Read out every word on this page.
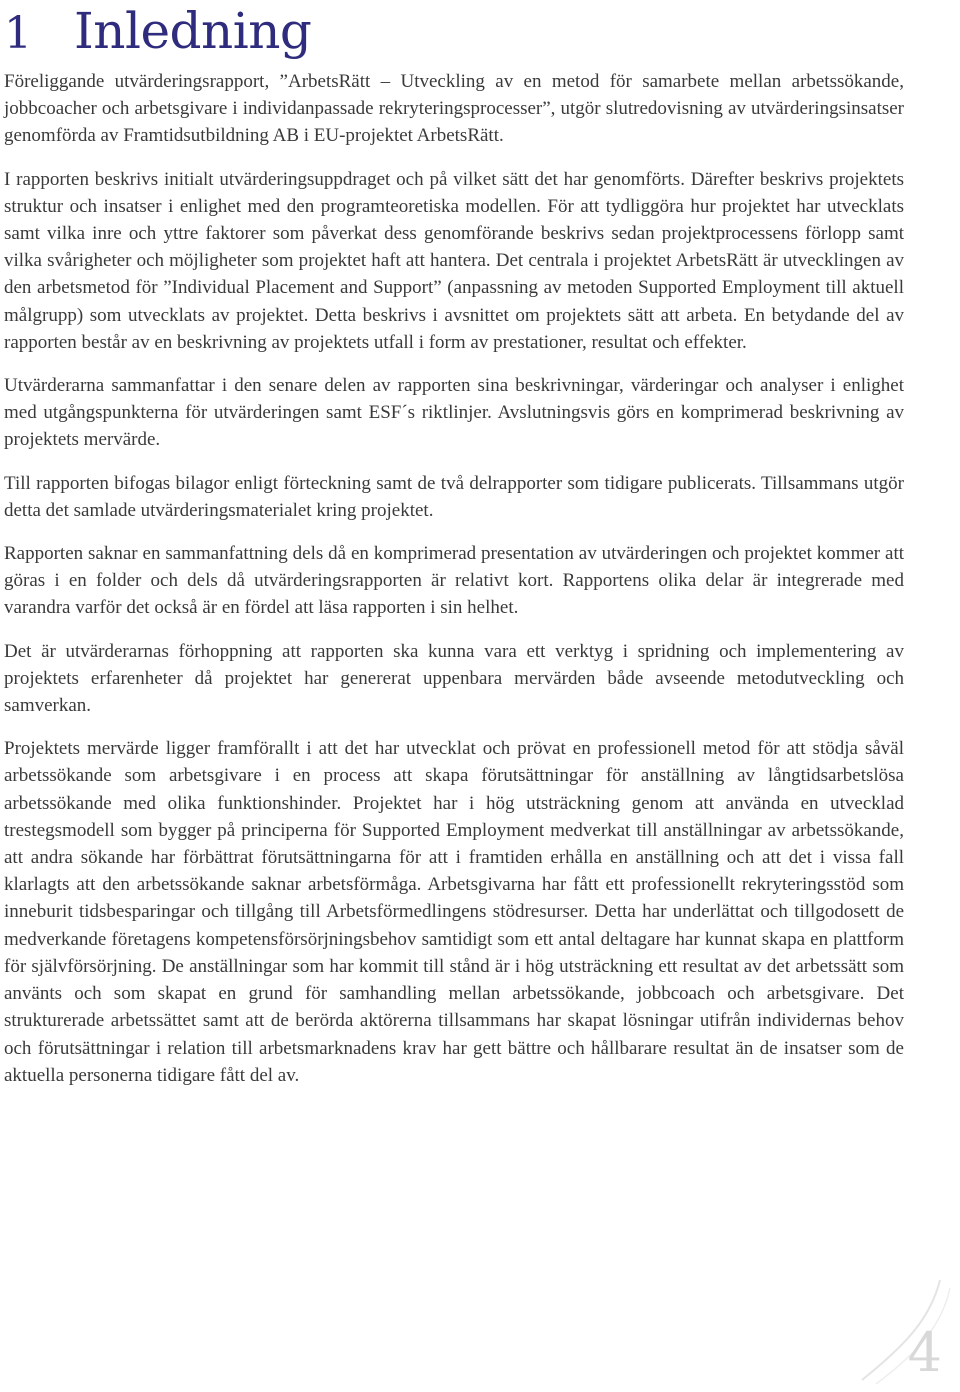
1 Inledning

Föreliggande utvärderingsrapport, ”ArbetsRätt – Utveckling av en metod för samarbete mellan arbetssökande, jobbcoacher och arbetsgivare i individanpassade rekryteringsprocesser”, utgör slutredovisning av utvärderingsinsatser genomförda av Framtidsutbildning AB i EU-projektet ArbetsRätt.

I rapporten beskrivs initialt utvärderingsuppdraget och på vilket sätt det har genomförts. Därefter beskrivs projektets struktur och insatser i enlighet med den programteoretiska modellen. För att tydliggöra hur projektet har utvecklats samt vilka inre och yttre faktorer som påverkat dess genomförande beskrivs sedan projektprocessens förlopp samt vilka svårigheter och möjligheter som projektet haft att hantera. Det centrala i projektet ArbetsRätt är utvecklingen av den arbetsmetod för ”Individual Placement and Support” (anpassning av metoden Supported Employment till aktuell målgrupp) som utvecklats av projektet. Detta beskrivs i avsnittet om projektets sätt att arbeta. En betydande del av rapporten består av en beskrivning av projektets utfall i form av prestationer, resultat och effekter.

Utvärderarna sammanfattar i den senare delen av rapporten sina beskrivningar, värderingar och analyser i enlighet med utgångspunkterna för utvärderingen samt ESF´s riktlinjer. Avslutningsvis görs en komprimerad beskrivning av projektets mervärde.

Till rapporten bifogas bilagor enligt förteckning samt de två delrapporter som tidigare publicerats. Tillsammans utgör detta det samlade utvärderingsmaterialet kring projektet.

Rapporten saknar en sammanfattning dels då en komprimerad presentation av utvärderingen och projektet kommer att göras i en folder och dels då utvärderingsrapporten är relativt kort. Rapportens olika delar är integrerade med varandra varför det också är en fördel att läsa rapporten i sin helhet.

Det är utvärderarnas förhoppning att rapporten ska kunna vara ett verktyg i spridning och implementering av projektets erfarenheter då projektet har genererat uppenbara mervärden både avseende metodutveckling och samverkan.

Projektets mervärde ligger framförallt i att det har utvecklat och prövat en professionell metod för att stödja såväl arbetssökande som arbetsgivare i en process att skapa förutsättningar för anställning av långtidsarbetslösa arbetssökande med olika funktionshinder. Projektet har i hög utsträckning genom att använda en utvecklad trestegsmodell som bygger på principerna för Supported Employment medverkat till anställningar av arbetssökande, att andra sökande har förbättrat förutsättningarna för att i framtiden erhålla en anställning och att det i vissa fall klarlagts att den arbetssökande saknar arbetsförmåga. Arbetsgivarna har fått ett professionellt rekryteringsstöd som inneburit tidsbesparingar och tillgång till Arbetsförmedlingens stödresurser. Detta har underlättat och tillgodosett de medverkande företagens kompetensförsörjningsbehov samtidigt som ett antal deltagare har kunnat skapa en plattform för självförsörjning. De anställningar som har kommit till stånd är i hög utsträckning ett resultat av det arbetssätt som använts och som skapat en grund för samhandling mellan arbetssökande, jobbcoach och arbetsgivare. Det strukturerade arbetssättet samt att de berörda aktörerna tillsammans har skapat lösningar utifrån individernas behov och förutsättningar i relation till arbetsmarknadens krav har gett bättre och hållbarare resultat än de insatser som de aktuella personerna tidigare fått del av.

4
